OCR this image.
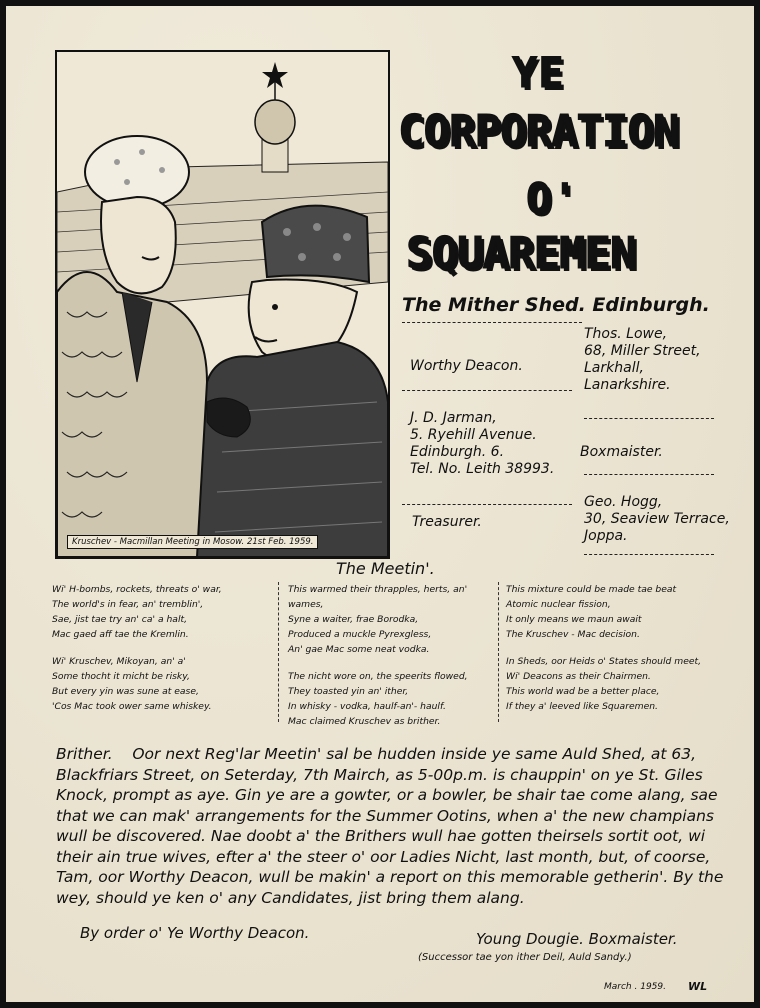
Kruschev - Macmillan Meeting in Mosow. 21st Feb. 1959.
YE
CORPORATION
O'
SQUAREMEN
The Mither Shed. Edinburgh.
Worthy Deacon.
Thos. Lowe,
68, Miller Street,
Larkhall,
Lanarkshire.
J. D. Jarman,
5. Ryehill Avenue.
Edinburgh. 6.
Tel. No. Leith 38993.
Boxmaister.
Treasurer.
Geo. Hogg,
30, Seaview Terrace,
Joppa.
The Meetin'.
Wi' H-bombs, rockets, threats o' war,
The world's in fear, an' tremblin',
Sae, jist tae try an' ca' a halt,
Mac gaed aff tae the Kremlin.
Wi' Kruschev, Mikoyan, an' a'
Some thocht it micht be risky,
But every yin was sune at ease,
'Cos Mac took ower same whiskey.
This warmed their thrapples, herts, an' wames,
Syne a waiter, frae Borodka,
Produced a muckle Pyrexgless,
An' gae Mac some neat vodka.
The nicht wore on, the speerits flowed,
They toasted yin an' ither,
In whisky - vodka, haulf-an'- haulf.
Mac claimed Kruschev as brither.
This mixture could be made tae beat
Atomic nuclear fission,
It only means we maun await
The Kruschev - Mac decision.
In Sheds, oor Heids o' States should meet,
Wi' Deacons as their Chairmen.
This world wad be a better place,
If they a' leeved like Squaremen.
Brither. Oor next Reg'lar Meetin' sal be hudden inside ye same Auld Shed, at 63, Blackfriars Street, on Seterday, 7th Mairch, as 5-00p.m. is chauppin' on ye St. Giles Knock, prompt as aye. Gin ye are a gowter, or a bowler, be shair tae come alang, sae that we can mak' arrangements for the Summer Ootins, when a' the new champians wull be discovered. Nae doobt a' the Brithers wull hae gotten theirsels sortit oot, wi their ain true wives, efter a' the steer o' oor Ladies Nicht, last month, but, of coorse, Tam, oor Worthy Deacon, wull be makin' a report on this memorable getherin'. By the wey, should ye ken o' any Candidates, jist bring them alang.
By order o' Ye Worthy Deacon.	Young Dougie. Boxmaister.
(Successor tae yon ither Deil, Auld Sandy.)
March . 1959. WL
